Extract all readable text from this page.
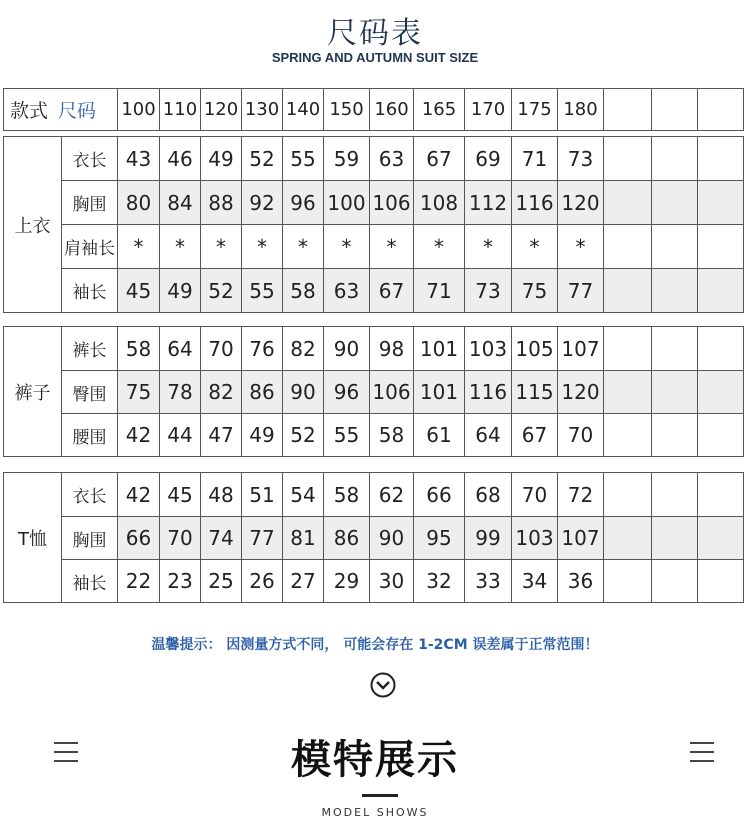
尺码表
SPRING AND AUTUMN SUIT SIZE
款式 尺码	100	110	120	130	140	150	160	165	170	175	180			
上衣	衣长	43	46	49	52	55	59	63	67	69	71	73			
	胸围	80	84	88	92	96	100	106	108	112	116	120			
	肩袖长	*	*	*	*	*	*	*	*	*	*	*			
	袖长	45	49	52	55	58	63	67	71	73	75	77			
裤子	裤长	58	64	70	76	82	90	98	101	103	105	107			
	臀围	75	78	82	86	90	96	106	101	116	115	120			
	腰围	42	44	47	49	52	55	58	61	64	67	70			
T恤	衣长	42	45	48	51	54	58	62	66	68	70	72			
	胸围	66	70	74	77	81	86	90	95	99	103	107			
	袖长	22	23	25	26	27	29	30	32	33	34	36			
温馨提示： 因测量方式不同， 可能会存在 1-2CM 误差属于正常范围！
模特展示
MODEL SHOWS
